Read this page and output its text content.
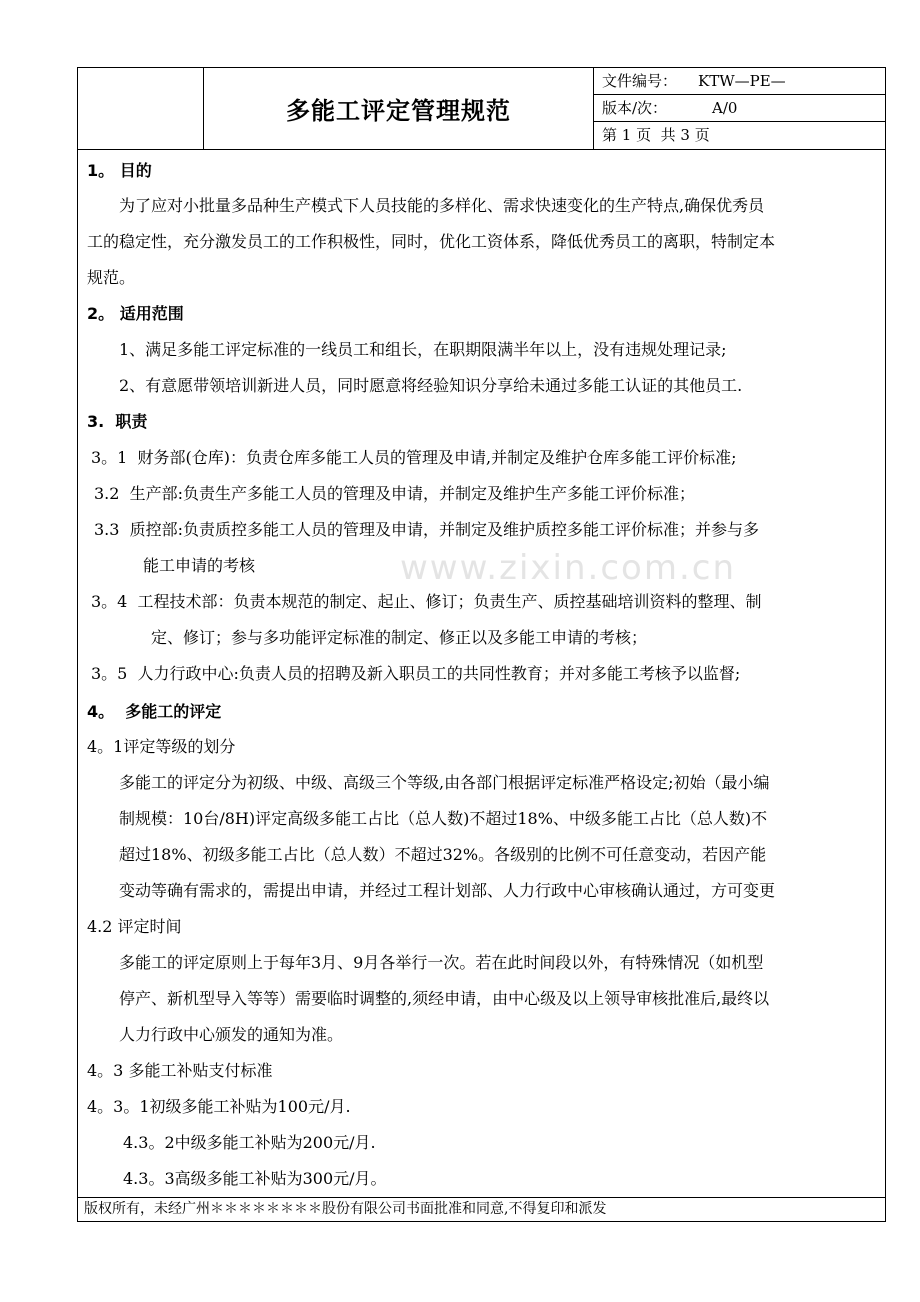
多能工评定管理规范
文件编号： KTW—PE—
版本/次：	A/0
第 1 页  共 3 页
1。 目的
为了应对小批量多品种生产模式下人员技能的多样化、需求快速变化的生产特点,确保优秀员
工的稳定性，充分激发员工的工作积极性，同时，优化工资体系，降低优秀员工的离职，特制定本
规范。
2。 适用范围
1、满足多能工评定标准的一线员工和组长，在职期限满半年以上，没有违规处理记录;
2、有意愿带领培训新进人员，同时愿意将经验知识分享给未通过多能工认证的其他员工.
3.  职责
3。1  财务部(仓库)：负责仓库多能工人员的管理及申请,并制定及维护仓库多能工评价标准;
3.2  生产部:负责生产多能工人员的管理及申请，并制定及维护生产多能工评价标准；
3.3  质控部:负责质控多能工人员的管理及申请，并制定及维护质控多能工评价标准；并参与多
能工申请的考核
3。4  工程技术部：负责本规范的制定、起止、修订；负责生产、质控基础培训资料的整理、制
定、修订；参与多功能评定标准的制定、修正以及多能工申请的考核；
3。5  人力行政中心:负责人员的招聘及新入职员工的共同性教育；并对多能工考核予以监督;
4。  多能工的评定
4。1评定等级的划分
多能工的评定分为初级、中级、高级三个等级,由各部门根据评定标准严格设定;初始（最小编
制规模：10台/8H)评定高级多能工占比（总人数)不超过18%、中级多能工占比（总人数)不
超过18%、初级多能工占比（总人数）不超过32%。各级别的比例不可任意变动，若因产能
变动等确有需求的，需提出申请，并经过工程计划部、人力行政中心审核确认通过，方可变更
4.2 评定时间
多能工的评定原则上于每年3月、9月各举行一次。若在此时间段以外，有特殊情况（如机型
停产、新机型导入等等）需要临时调整的,须经申请，由中心级及以上领导审核批准后,最终以
人力行政中心颁发的通知为准。
4。3 多能工补贴支付标准
4。3。1初级多能工补贴为100元/月.
4.3。2中级多能工补贴为200元/月.
4.3。3高级多能工补贴为300元/月。
版权所有，未经广州＊＊＊＊＊＊＊＊股份有限公司书面批准和同意,不得复印和派发
www.zixin.com.cn
